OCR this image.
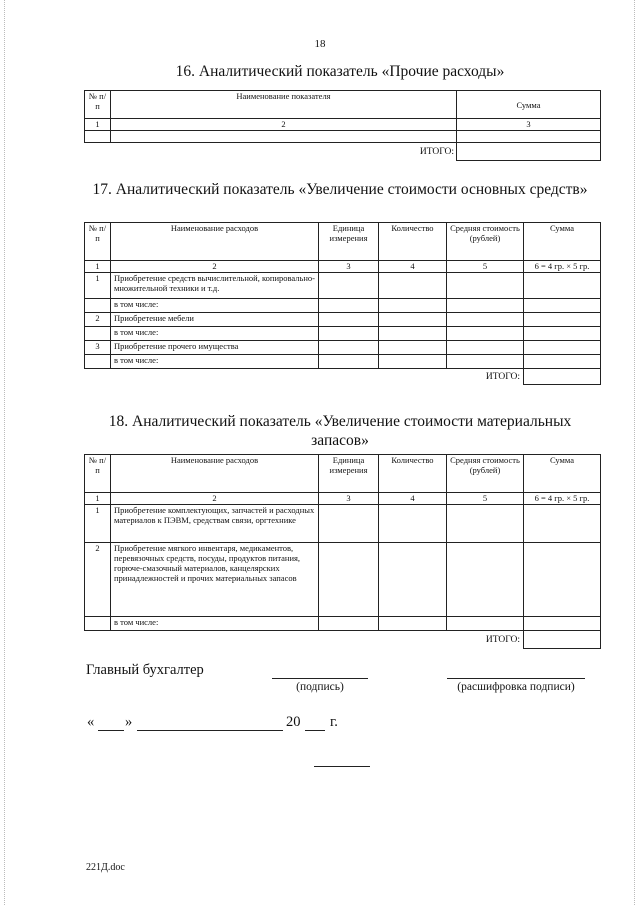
18
16. Аналитический показатель «Прочие расходы»
№ п/п	Наименование показателя	Сумма
1	2	3

	ИТОГО:	
17. Аналитический показатель «Увеличение стоимости основных средств»
№ п/п	Наименование расходов	Единица измерения	Количество	Средняя стоимость (рублей)	Сумма
1	2	3	4	5	6 = 4 гр. × 5 гр.
1	Приобретение средств вычислительной, копировально-множительной техники и т.д.				
	в том числе:				
2	Приобретение мебели				
	в том числе:				
3	Приобретение прочего имущества				
	в том числе:				
ИТОГО:					
18. Аналитический показатель «Увеличение стоимости материальных запасов»
№ п/п	Наименование расходов	Единица измерения	Количество	Средняя стоимость (рублей)	Сумма
1	2	3	4	5	6 = 4 гр. × 5 гр.
1	Приобретение комплектующих, запчастей и расходных материалов к ПЭВМ, средствам связи, оргтехнике				
2	Приобретение мягкого инвентаря, медикаментов, перевязочных средств, посуды, продуктов питания, горюче-смазочный материалов, канцелярских принадлежностей и прочих материальных запасов				
	в том числе:				
ИТОГО:					
Главный бухгалтер
(подпись)	(расшифровка подписи)
« »	20 г.
221Д.doc
